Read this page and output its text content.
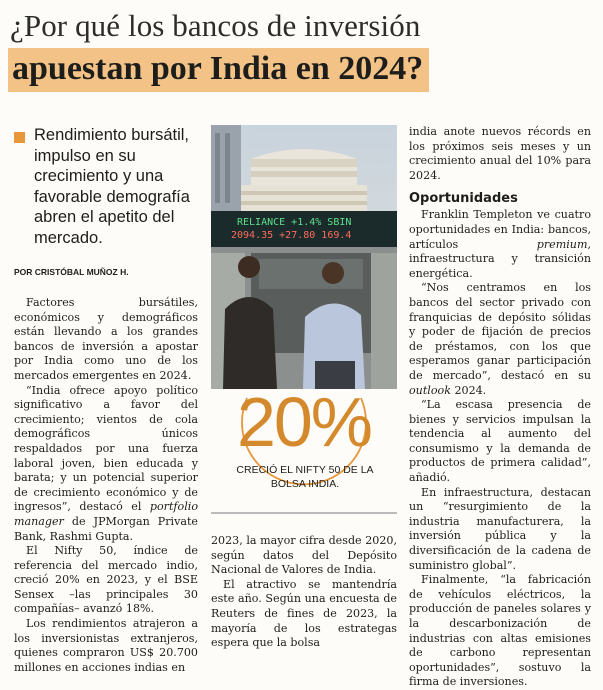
¿Por qué los bancos de inversión
apuestan por India en 2024?
Rendimiento bursátil, impulso en su crecimiento y una favorable demografía abren el apetito del mercado.
POR CRISTÓBAL MUÑOZ H.

Factores bursátiles, económicos y demográficos están llevando a los grandes bancos de inversión a apostar por India como uno de los mercados emergentes en 2024.

“India ofrece apoyo político significativo a favor del crecimiento; vientos de cola demográficos únicos respaldados por una fuerza laboral joven, bien educada y barata; y un potencial superior de crecimiento económico y de ingresos”, destacó el portfolio manager de JPMorgan Private Bank, Rashmi Gupta.

El Nifty 50, índice de referencia del mercado indio, creció 20% en 2023, y el BSE Sensex –las principales 30 compañías– avanzó 18%.

Los rendimientos atrajeron a los inversionistas extranjeros, quienes compraron US$ 20.700 millones en acciones indias en

RELIANCE +1.4% SBIN
2094.35 +27.80 169.4
20%
CRECIÓ EL NIFTY 50 DE LA BOLSA INDIA.

2023, la mayor cifra desde 2020, según datos del Depósito Nacional de Valores de India.

El atractivo se mantendría este año. Según una encuesta de Reuters de fines de 2023, la mayoría de los estrategas espera que la bolsa

india anote nuevos récords en los próximos seis meses y un crecimiento anual del 10% para 2024.

Oportunidades

Franklin Templeton ve cuatro oportunidades en India: bancos, artículos premium, infraestructura y transición energética.

“Nos centramos en los bancos del sector privado con franquicias de depósito sólidas y poder de fijación de precios de préstamos, con los que esperamos ganar participación de mercado”, destacó en su outlook 2024.

“La escasa presencia de bienes y servicios impulsan la tendencia al aumento del consumismo y la demanda de productos de primera calidad”, añadió.

En infraestructura, destacan un “resurgimiento de la industria manufacturera, la inversión pública y la diversificación de la cadena de suministro global”.

Finalmente, “la fabricación de vehículos eléctricos, la producción de paneles solares y la descarbonización de industrias con altas emisiones de carbono representan oportunidades”, sostuvo la firma de inversiones.
